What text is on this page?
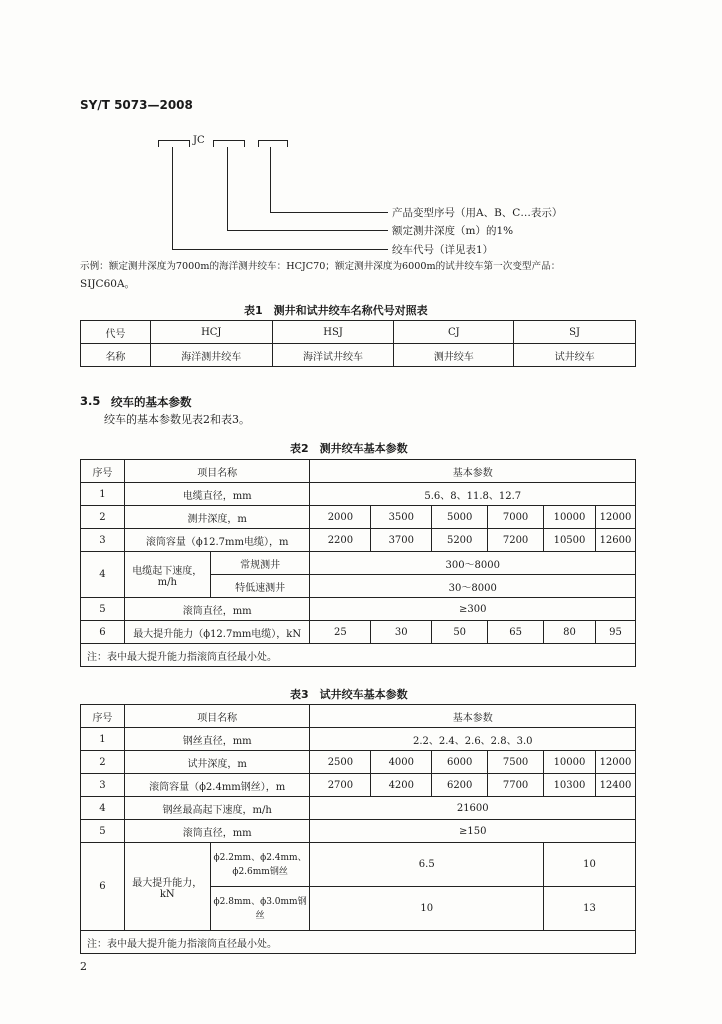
SY/T 5073—2008
JC
产品变型序号（用A、B、C…表示）
额定测井深度（m）的1%
绞车代号（详见表1）
示例：额定测井深度为7000m的海洋测井绞车：HCJC70；额定测井深度为6000m的试井绞车第一次变型产品：
SIJC60A。
表1　测井和试井绞车名称代号对照表
代号	HCJ	HSJ	CJ	SJ
名称	海洋测井绞车	海洋试井绞车	测井绞车	试井绞车
3.5 绞车的基本参数
绞车的基本参数见表2和表3。
表2　测井绞车基本参数
序号	项目名称		基本参数					
1	电缆直径，mm		5.6、8、11.8、12.7					
2	测井深度，m		2000	3500	5000	7000	10000	12000
3	滚筒容量（ϕ12.7mm电缆），m		2200	3700	5200	7200	10500	12600
4	电缆起下速度，m/h	常规测井	300～8000					
		特低速测井	30～8000					
5	滚筒直径，mm		≥300					
6	最大提升能力（ϕ12.7mm电缆），kN		25	30	50	65	80	95
注：表中最大提升能力指滚筒直径最小处。								
表3　试井绞车基本参数
序号	项目名称		基本参数					
1	钢丝直径，mm		2.2、2.4、2.6、2.8、3.0					
2	试井深度，m		2500	4000	6000	7500	10000	12000
3	滚筒容量（ϕ2.4mm钢丝），m		2700	4200	6200	7700	10300	12400
4	钢丝最高起下速度，m/h		21600					
5	滚筒直径，mm		≥150					
6	最大提升能力，kN	ϕ2.2mm、ϕ2.4mm、ϕ2.6mm钢丝	6.5				10	
		ϕ2.8mm、ϕ3.0mm钢丝	10				13	
注：表中最大提升能力指滚筒直径最小处。								
2
